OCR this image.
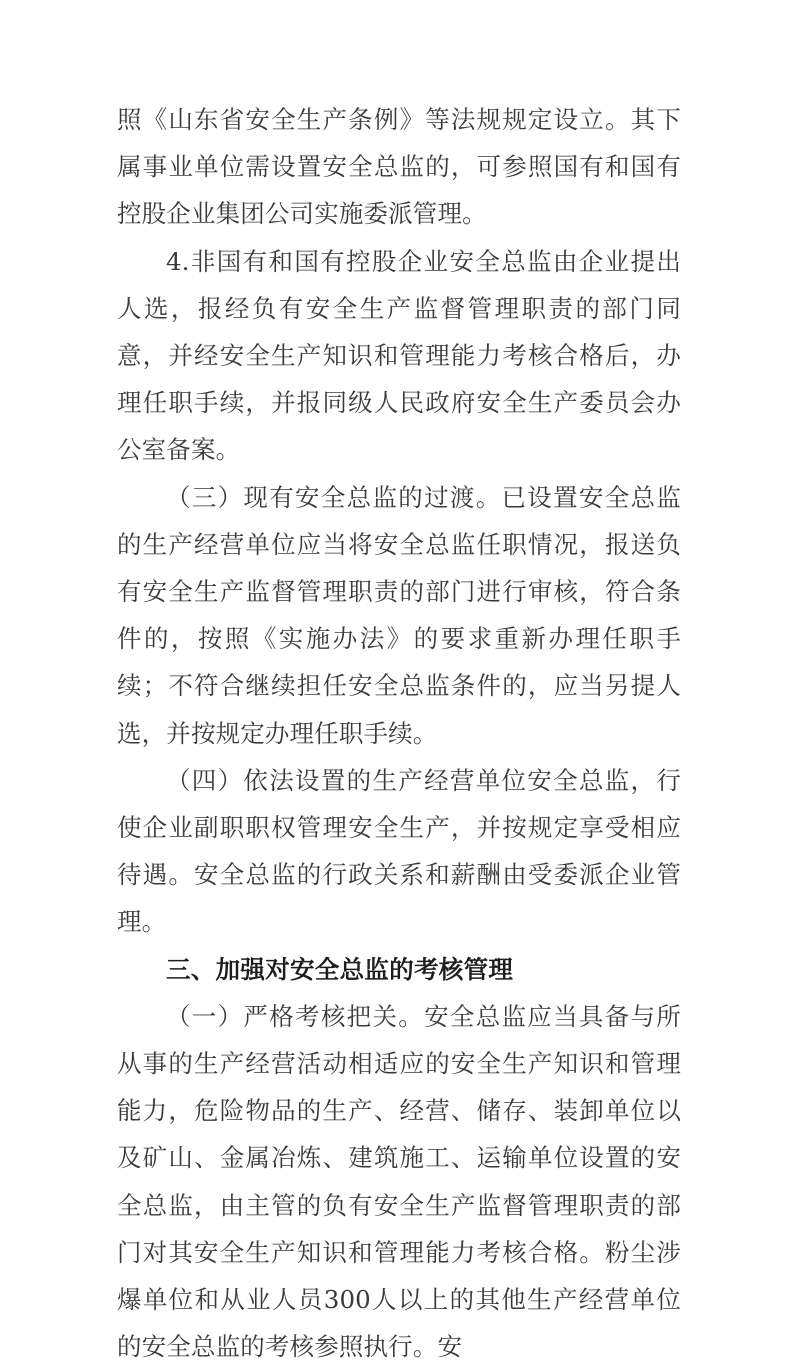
照《山东省安全生产条例》等法规规定设立。其下属事业单位需设置安全总监的，可参照国有和国有控股企业集团公司实施委派管理。

4.非国有和国有控股企业安全总监由企业提出人选，报经负有安全生产监督管理职责的部门同意，并经安全生产知识和管理能力考核合格后，办理任职手续，并报同级人民政府安全生产委员会办公室备案。

（三）现有安全总监的过渡。已设置安全总监的生产经营单位应当将安全总监任职情况，报送负有安全生产监督管理职责的部门进行审核，符合条件的，按照《实施办法》的要求重新办理任职手续；不符合继续担任安全总监条件的，应当另提人选，并按规定办理任职手续。

（四）依法设置的生产经营单位安全总监，行使企业副职职权管理安全生产，并按规定享受相应待遇。安全总监的行政关系和薪酬由受委派企业管理。

三、加强对安全总监的考核管理

（一）严格考核把关。安全总监应当具备与所从事的生产经营活动相适应的安全生产知识和管理能力，危险物品的生产、经营、储存、装卸单位以及矿山、金属冶炼、建筑施工、运输单位设置的安全总监，由主管的负有安全生产监督管理职责的部门对其安全生产知识和管理能力考核合格。粉尘涉爆单位和从业人员300人以上的其他生产经营单位的安全总监的考核参照执行。安
